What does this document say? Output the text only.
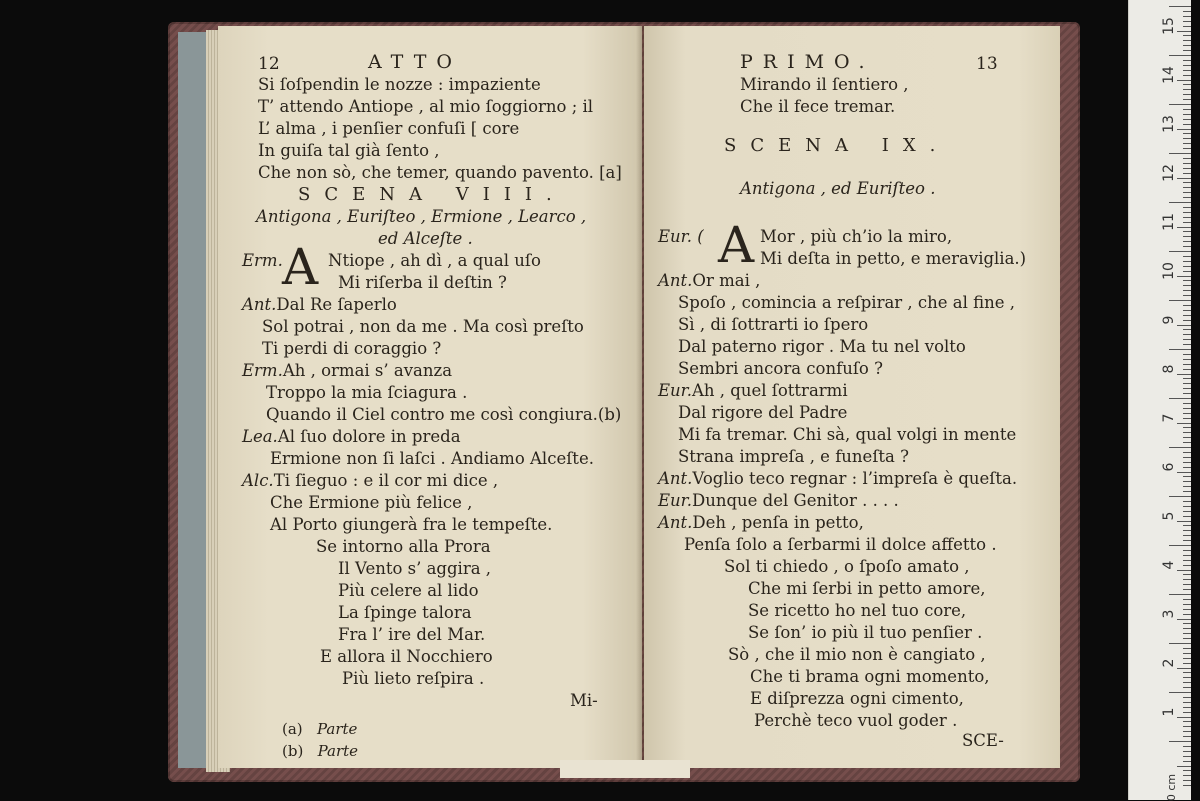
12	ATTO
Si ſoſpendin le nozze : impaziente
T’ attendo Antiope , al mio ſoggiorno ; il
L’ alma , i penſier confuſi [ core
In guiſa tal già ſento ,
Che non sò, che temer, quando pavento. [a]
SCENA VIII.
Antigona , Euriſteo , Ermione , Learco ,
ed Alceſte .
A
Erm.	Ntiope , ah dì , a qual uſo
Mi riſerba il deſtin ?
Ant.Dal Re ſaperlo
Sol potrai , non da me . Ma così preſto
Ti perdi di coraggio ?
Erm.Ah , ormai s’ avanza
Troppo la mia ſciagura .
Quando il Ciel contro me così congiura.(b)
Lea.Al ſuo dolore in preda
Ermione non ſi laſci . Andiamo Alceſte.
Alc.Ti ſieguo : e il cor mi dice ,
Che Ermione più felice ,
Al Porto giungerà fra le tempeſte.
Se intorno alla Prora
Il Vento s’ aggira ,
Più celere al lido
La ſpinge talora
Fra l’ ire del Mar.
E allora il Nocchiero
Più lieto reſpira .
Mi-
(a) Parte
(b) Parte
PRIMO.	13
Mirando il ſentiero ,
Che il fece tremar.
SCENA IX.
Antigona , ed Euriſteo .
A
Eur. (	Mor , più ch’io la miro,
Mi deſta in petto, e meraviglia.)
Ant.Or mai ,
Spoſo , comincia a reſpirar , che al fine ,
Sì , di ſottrarti io ſpero
Dal paterno rigor . Ma tu nel volto
Sembri ancora confuſo ?
Eur.Ah , quel ſottrarmi
Dal rigore del Padre
Mi fa tremar. Chi sà, qual volgi in mente
Strana impreſa , e funeſta ?
Ant.Voglio teco regnar : l’impreſa è queſta.
Eur.Dunque del Genitor . . . .
Ant.Deh , penſa in petto,
Penſa ſolo a ſerbarmi il dolce affetto .
Sol ti chiedo , o ſpoſo amato ,
Che mi ſerbi in petto amore,
Se ricetto ho nel tuo core,
Se ſon’ io più il tuo penſier .
Sò , che il mio non è cangiato ,
Che ti brama ogni momento,
E diſprezza ogni cimento,
Perchè teco vuol goder .
SCE-
15
14
13
12
11
10
9
8
7
6
5
4
3
2
1
0 cm
